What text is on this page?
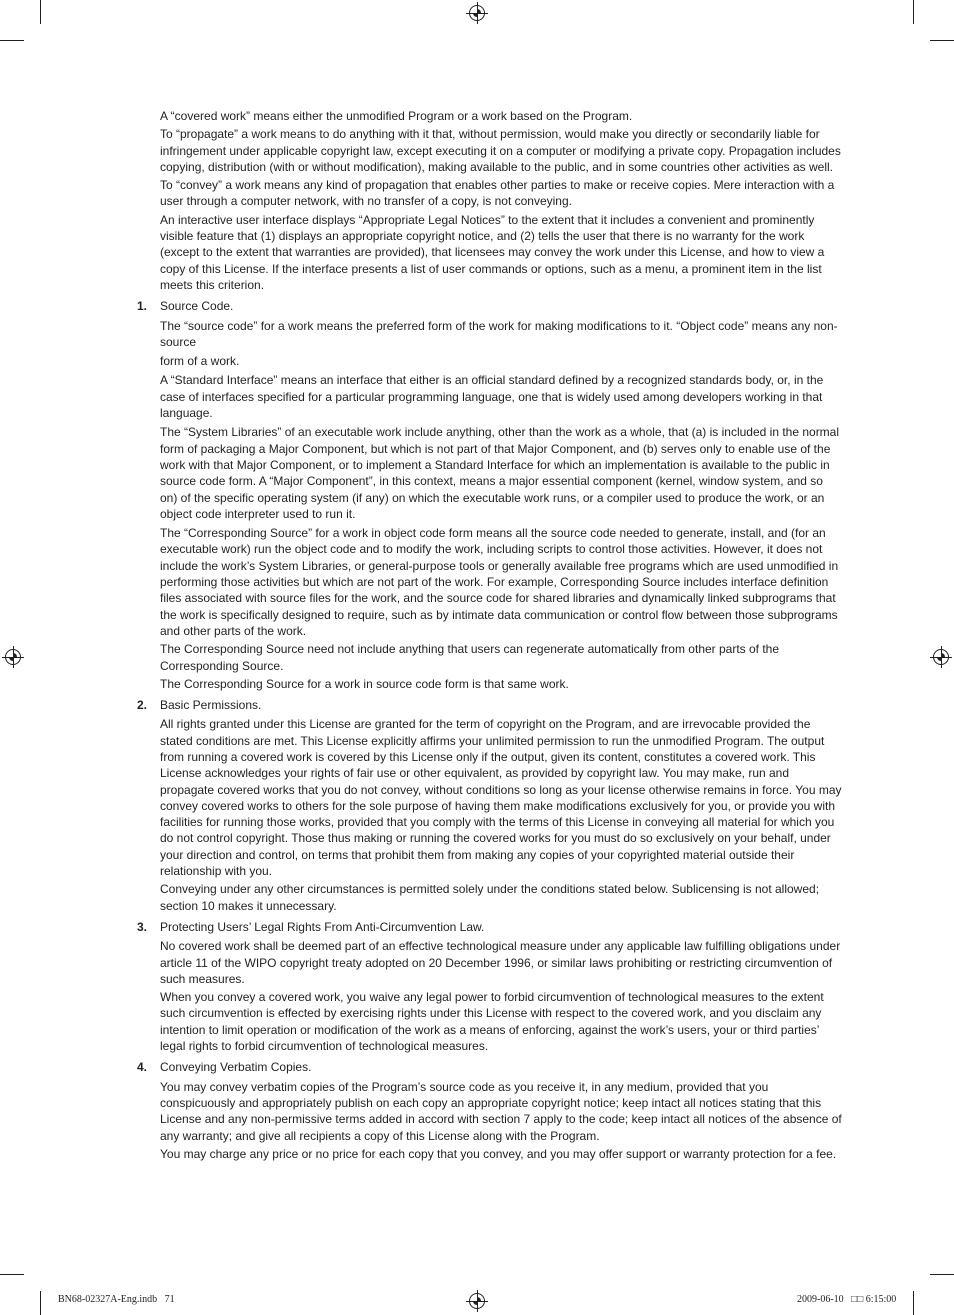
A “covered work” means either the unmodified Program or a work based on the Program.

To “propagate” a work means to do anything with it that, without permission, would make you directly or secondarily liable for infringement under applicable copyright law, except executing it on a computer or modifying a private copy. Propagation includes copying, distribution (with or without modification), making available to the public, and in some countries other activities as well.

To “convey” a work means any kind of propagation that enables other parties to make or receive copies. Mere interaction with a user through a computer network, with no transfer of a copy, is not conveying.

An interactive user interface displays “Appropriate Legal Notices” to the extent that it includes a convenient and prominently visible feature that (1) displays an appropriate copyright notice, and (2) tells the user that there is no warranty for the work (except to the extent that warranties are provided), that licensees may convey the work under this License, and how to view a copy of this License. If the interface presents a list of user commands or options, such as a menu, a prominent item in the list meets this criterion.

1. Source Code.

The “source code” for a work means the preferred form of the work for making modifications to it. “Object code” means any non-source

form of a work.

A “Standard Interface” means an interface that either is an official standard defined by a recognized standards body, or, in the case of interfaces specified for a particular programming language, one that is widely used among developers working in that language.

The “System Libraries” of an executable work include anything, other than the work as a whole, that (a) is included in the normal form of packaging a Major Component, but which is not part of that Major Component, and (b) serves only to enable use of the work with that Major Component, or to implement a Standard Interface for which an implementation is available to the public in source code form. A “Major Component”, in this context, means a major essential component (kernel, window system, and so on) of the specific operating system (if any) on which the executable work runs, or a compiler used to produce the work, or an object code interpreter used to run it.

The “Corresponding Source” for a work in object code form means all the source code needed to generate, install, and (for an executable work) run the object code and to modify the work, including scripts to control those activities. However, it does not include the work’s System Libraries, or general-purpose tools or generally available free programs which are used unmodified in performing those activities but which are not part of the work. For example, Corresponding Source includes interface definition files associated with source files for the work, and the source code for shared libraries and dynamically linked subprograms that the work is specifically designed to require, such as by intimate data communication or control flow between those subprograms and other parts of the work.

The Corresponding Source need not include anything that users can regenerate automatically from other parts of the Corresponding Source.

The Corresponding Source for a work in source code form is that same work.

2. Basic Permissions.

All rights granted under this License are granted for the term of copyright on the Program, and are irrevocable provided the stated conditions are met. This License explicitly affirms your unlimited permission to run the unmodified Program. The output from running a covered work is covered by this License only if the output, given its content, constitutes a covered work. This License acknowledges your rights of fair use or other equivalent, as provided by copyright law. You may make, run and propagate covered works that you do not convey, without conditions so long as your license otherwise remains in force. You may convey covered works to others for the sole purpose of having them make modifications exclusively for you, or provide you with facilities for running those works, provided that you comply with the terms of this License in conveying all material for which you do not control copyright. Those thus making or running the covered works for you must do so exclusively on your behalf, under your direction and control, on terms that prohibit them from making any copies of your copyrighted material outside their relationship with you.

Conveying under any other circumstances is permitted solely under the conditions stated below. Sublicensing is not allowed; section 10 makes it unnecessary.

3. Protecting Users’ Legal Rights From Anti-Circumvention Law.

No covered work shall be deemed part of an effective technological measure under any applicable law fulfilling obligations under article 11 of the WIPO copyright treaty adopted on 20 December 1996, or similar laws prohibiting or restricting circumvention of such measures.

When you convey a covered work, you waive any legal power to forbid circumvention of technological measures to the extent such circumvention is effected by exercising rights under this License with respect to the covered work, and you disclaim any intention to limit operation or modification of the work as a means of enforcing, against the work’s users, your or third parties’ legal rights to forbid circumvention of technological measures.

4. Conveying Verbatim Copies.

You may convey verbatim copies of the Program’s source code as you receive it, in any medium, provided that you conspicuously and appropriately publish on each copy an appropriate copyright notice; keep intact all notices stating that this License and any non-permissive terms added in accord with section 7 apply to the code; keep intact all notices of the absence of any warranty; and give all recipients a copy of this License along with the Program.

You may charge any price or no price for each copy that you convey, and you may offer support or warranty protection for a fee.

BN68-02327A-Eng.indb   71	2009-06-10   □□ 6:15:00
